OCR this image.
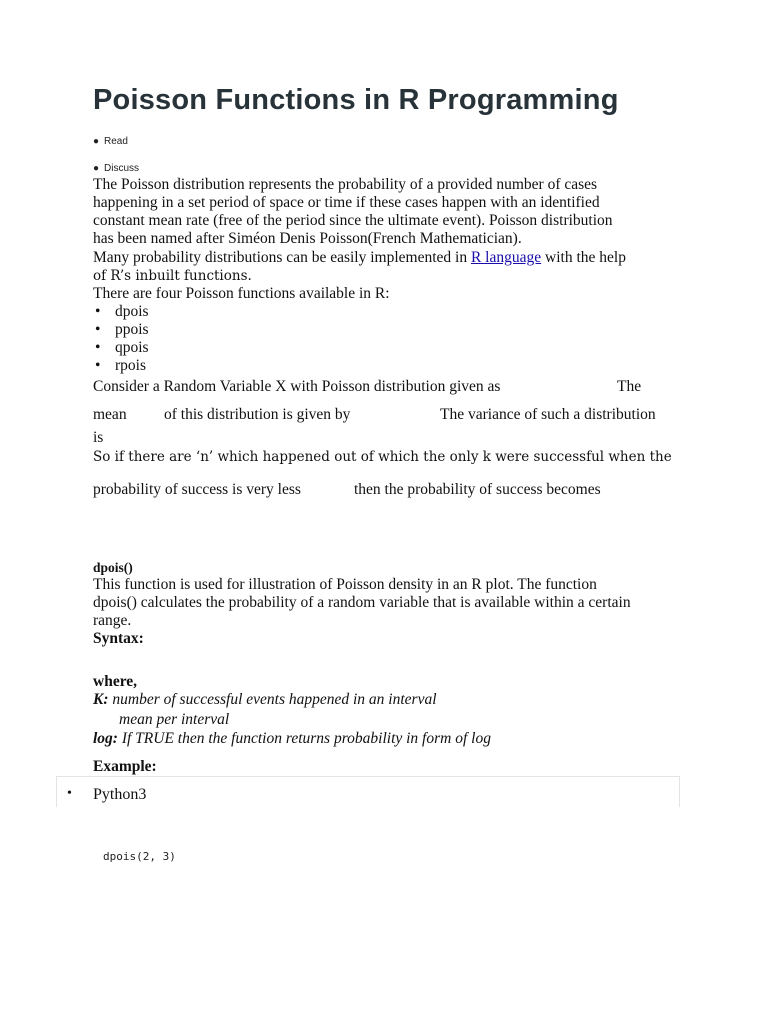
Poisson Functions in R Programming
● Read
● Discuss
The Poisson distribution represents the probability of a provided number of cases
happening in a set period of space or time if these cases happen with an identified
constant mean rate (free of the period since the ultimate event). Poisson distribution
has been named after Siméon Denis Poisson(French Mathematician).
Many probability distributions can be easily implemented in R language with the help
of R’s inbuilt functions.
There are four Poisson functions available in R:
• dpois
• ppois
• qpois
• rpois
Consider a Random Variable X with Poisson distribution given as	The
mean of this distribution is given by	The variance of such a distribution
is
So if there are ‘n’ which happened out of which the only k were successful when the
probability of success is very less	then the probability of success becomes
dpois()
This function is used for illustration of Poisson density in an R plot. The function
dpois() calculates the probability of a random variable that is available within a certain
range.
Syntax:
where,
K: number of successful events happened in an interval
mean per interval
log: If TRUE then the function returns probability in form of log
Example:
• Python3
dpois(2, 3)
